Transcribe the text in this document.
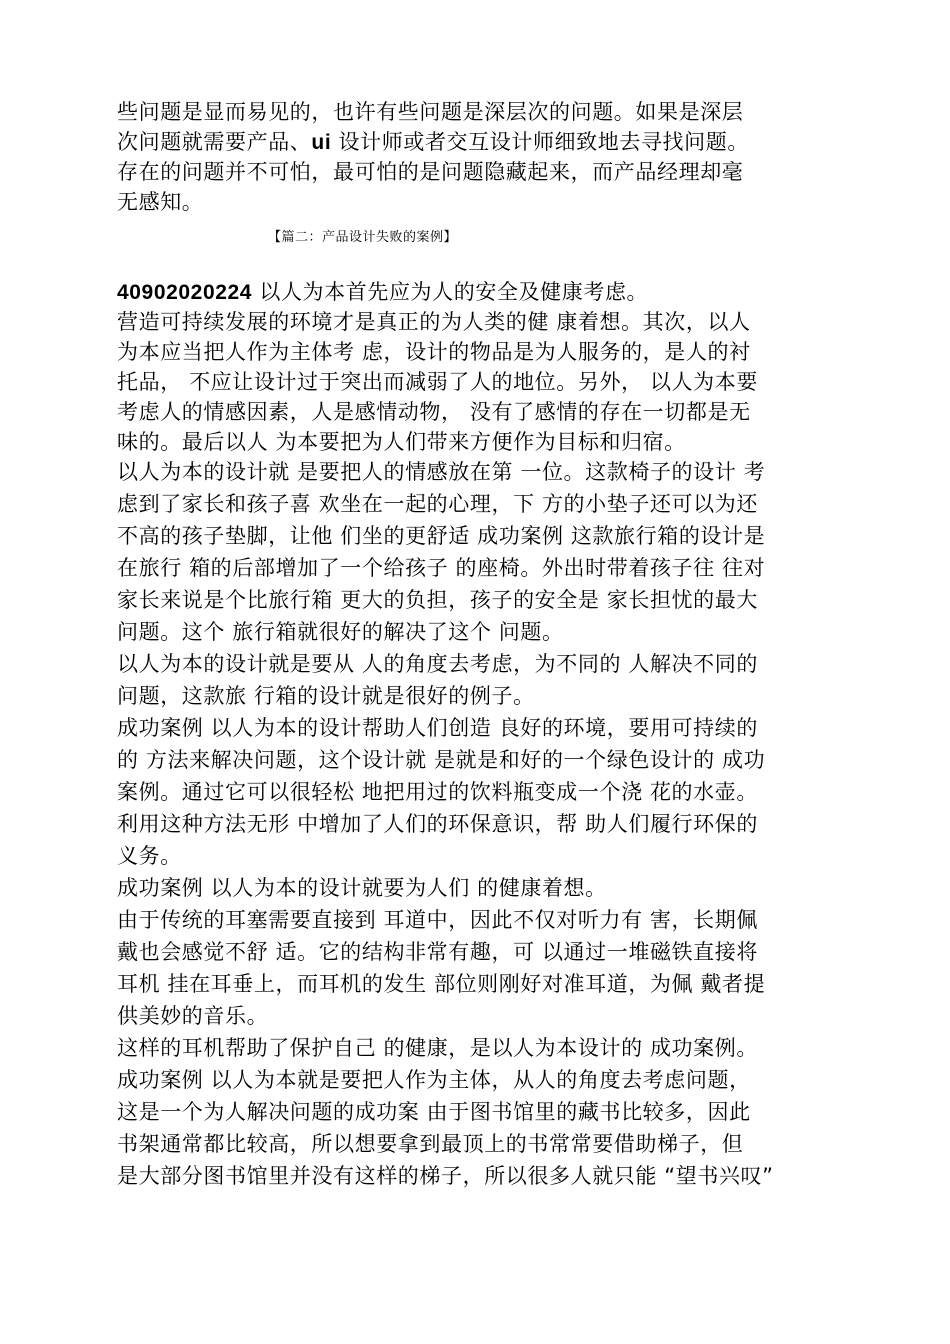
些问题是显而易见的，也许有些问题是深层次的问题。如果是深层
次问题就需要产品、ui 设计师或者交互设计师细致地去寻找问题。
存在的问题并不可怕，最可怕的是问题隐藏起来，而产品经理却毫
无感知。
【篇二：产品设计失败的案例】
40902020224 以人为本首先应为人的安全及健康考虑。
营造可持续发展的环境才是真正的为人类的健 康着想。其次，以人
为本应当把人作为主体考 虑，设计的物品是为人服务的，是人的衬
托品， 不应让设计过于突出而减弱了人的地位。另外， 以人为本要
考虑人的情感因素，人是感情动物， 没有了感情的存在一切都是无
味的。最后以人 为本要把为人们带来方便作为目标和归宿。
以人为本的设计就 是要把人的情感放在第 一位。这款椅子的设计 考
虑到了家长和孩子喜 欢坐在一起的心理，下 方的小垫子还可以为还
不高的孩子垫脚，让他 们坐的更舒适 成功案例 这款旅行箱的设计是
在旅行 箱的后部增加了一个给孩子 的座椅。外出时带着孩子往 往对
家长来说是个比旅行箱 更大的负担，孩子的安全是 家长担忧的最大
问题。这个 旅行箱就很好的解决了这个 问题。
以人为本的设计就是要从 人的角度去考虑，为不同的 人解决不同的
问题，这款旅 行箱的设计就是很好的例子。
成功案例 以人为本的设计帮助人们创造 良好的环境，要用可持续的
的 方法来解决问题，这个设计就 是就是和好的一个绿色设计的 成功
案例。通过它可以很轻松 地把用过的饮料瓶变成一个浇 花的水壶。
利用这种方法无形 中增加了人们的环保意识，帮 助人们履行环保的
义务。
成功案例 以人为本的设计就要为人们 的健康着想。
由于传统的耳塞需要直接到 耳道中，因此不仅对听力有 害，长期佩
戴也会感觉不舒 适。它的结构非常有趣，可 以通过一堆磁铁直接将
耳机 挂在耳垂上，而耳机的发生 部位则刚好对准耳道，为佩 戴者提
供美妙的音乐。
这样的耳机帮助了保护自己 的健康，是以人为本设计的 成功案例。
成功案例 以人为本就是要把人作为主体，从人的角度去考虑问题，
这是一个为人解决问题的成功案 由于图书馆里的藏书比较多，因此
书架通常都比较高，所以想要拿到最顶上的书常常要借助梯子，但
是大部分图书馆里并没有这样的梯子，所以很多人就只能 “望书兴叹”
